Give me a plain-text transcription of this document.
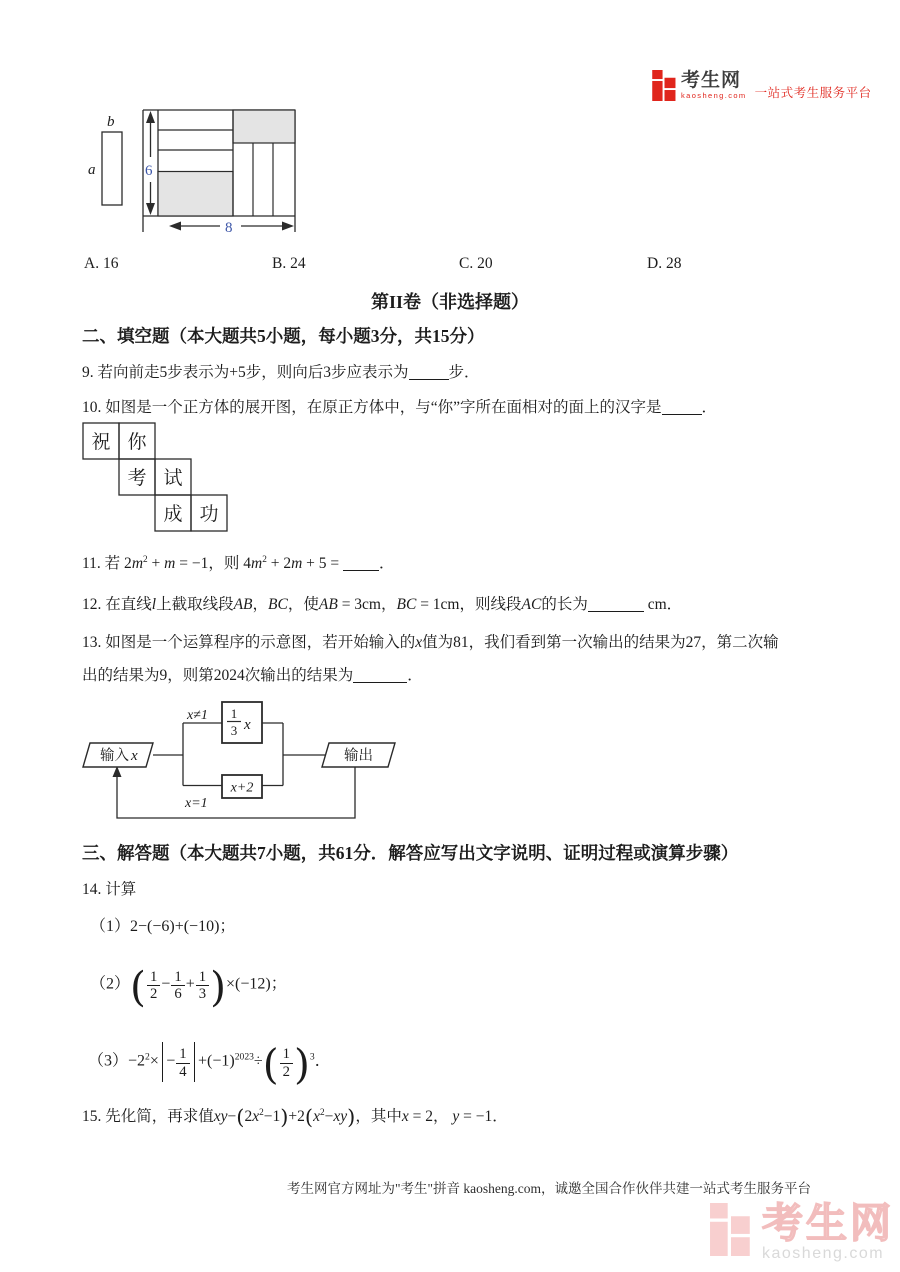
考生网
kaosheng.com 一站式考生服务平台
b
a	6
8
A. 16	B. 24	C. 20	D. 28
第II卷（非选择题）
二、填空题（本大题共5小题，每小题3分，共15分）
9. 若向前走5步表示为+5步，则向后3步应表示为	步．
10. 如图是一个正方体的展开图，在原正方体中，与“你”字所在面相对的面上的汉字是	．
祝 你
考 试
成 功
11. 若 $2m^2 + m = -1$，则 $4m^2 + 2m + 5$ = ．
12. 在直线l上截取线段AB，BC，使AB = 3cm，BC = 1cm，则线段AC的长为	cm．
13. 如图是一个运算程序的示意图，若开始输入的x值为81，我们看到第一次输出的结果为27，第二次输
出的结果为9，则第2024次输出的结果为	．
输入 x	输出
x≠1
x=1
1
3 x
x+2
三、解答题（本大题共7小题，共61分．解答应写出文字说明、证明过程或演算步骤）
14. 计算
（1）2−(−6)+(−10)；
$(2)( \frac{1}{2} - \frac{1}{6} + \frac{1}{3} )\times(-12)$；
$(3)-2^2\times - \frac{1}{4} +(-1)^{2023}\div( \frac{1}{2} )^3$．
15. 先化简，再求值$xy-(2x^2-1)+2(x^2-xy)$，其中x = 2， y = −1．
考生网官方网址为"考生"拼音 kaosheng.com，诚邀全国合作伙伴共建一站式考生服务平台
考生网
kaosheng.com
